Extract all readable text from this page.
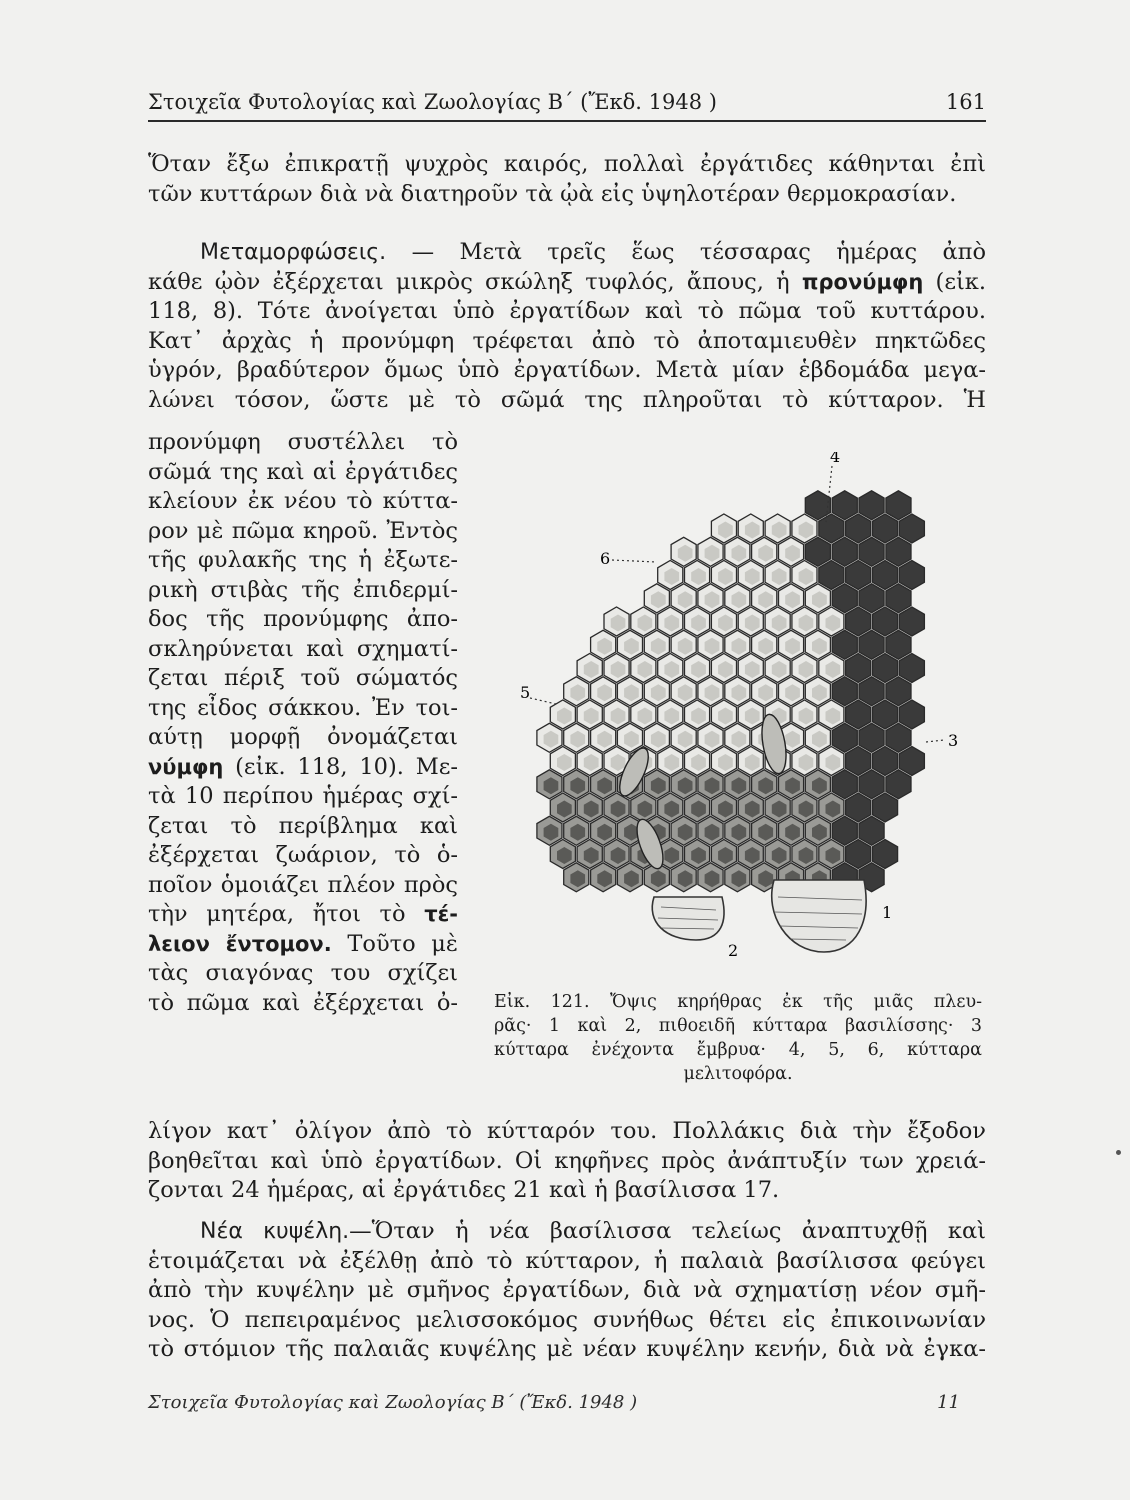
Στοιχεῖα Φυτολογίας καὶ Ζωολογίας Β΄ (Ἔκδ. 1948 )	161
Ὅταν ἔξω ἐπικρατῇ ψυχρὸς καιρός, πολλαὶ ἐργάτιδες κάθηνται ἐπὶ
τῶν κυττάρων διὰ νὰ διατηροῦν τὰ ᾠὰ εἰς ὑψηλοτέραν θερμοκρασίαν.
Μεταμορφώσεις. — Μετὰ τρεῖς ἕως τέσσαρας ἡμέρας ἀπὸ
κάθε ᾠὸν ἐξέρχεται μικρὸς σκώληξ τυφλός, ἄπους, ἡ προνύμφη (εἰκ.
118, 8). Τότε ἀνοίγεται ὑπὸ ἐργατίδων καὶ τὸ πῶμα τοῦ κυττάρου.
Κατ᾽ ἀρχὰς ἡ προνύμφη τρέφεται ἀπὸ τὸ ἀποταμιευθὲν πηκτῶδες
ὑγρόν, βραδύτερον ὅμως ὑπὸ ἐργατίδων. Μετὰ μίαν ἑβδομάδα μεγα-
λώνει τόσον, ὥστε μὲ τὸ σῶμά της πληροῦται τὸ κύτταρον. Ἡ
προνύμφη συστέλλει τὸ
σῶμά της καὶ αἱ ἐργάτιδες
κλείουν ἐκ νέου τὸ κύττα-
ρον μὲ πῶμα κηροῦ. Ἐντὸς
τῆς φυλακῆς της ἡ ἐξωτε-
ρικὴ στιβὰς τῆς ἐπιδερμί-
δος τῆς προνύμφης ἀπο-
σκληρύνεται καὶ σχηματί-
ζεται πέριξ τοῦ σώματός
της εἶδος σάκκου. Ἐν τοι-
αύτῃ μορφῇ ὀνομάζεται
νύμφη (εἰκ. 118, 10). Με-
τὰ 10 περίπου ἡμέρας σχί-
ζεται τὸ περίβλημα καὶ
ἐξέρχεται ζωάριον, τὸ ὁ-
ποῖον ὁμοιάζει πλέον πρὸς
τὴν μητέρα, ἤτοι τὸ τέ-
λειον ἔντομον. Τοῦτο μὲ
τὰς σιαγόνας του σχίζει
τὸ πῶμα καὶ ἐξέρχεται ὀ-
4
6
5
3
1
2
Εἰκ. 121. Ὄψις κηρήθρας ἐκ τῆς μιᾶς πλευ-
ρᾶς· 1 καὶ 2, πιθοειδῆ κύτταρα βασιλίσσης· 3
κύτταρα ἐνέχοντα ἔμβρυα· 4, 5, 6, κύτταρα
μελιτοφόρα.
λίγον κατ᾽ ὀλίγον ἀπὸ τὸ κύτταρόν του. Πολλάκις διὰ τὴν ἔξοδον
βοηθεῖται καὶ ὑπὸ ἐργατίδων. Οἱ κηφῆνες πρὸς ἀνάπτυξίν των χρειά-
ζονται 24 ἡμέρας, αἱ ἐργάτιδες 21 καὶ ἡ βασίλισσα 17.
Νέα κυψέλη.—Ὅταν ἡ νέα βασίλισσα τελείως ἀναπτυχθῇ καὶ
ἑτοιμάζεται νὰ ἐξέλθῃ ἀπὸ τὸ κύτταρον, ἡ παλαιὰ βασίλισσα φεύγει
ἀπὸ τὴν κυψέλην μὲ σμῆνος ἐργατίδων, διὰ νὰ σχηματίσῃ νέον σμῆ-
νος. Ὁ πεπειραμένος μελισσοκόμος συνήθως θέτει εἰς ἐπικοινωνίαν
τὸ στόμιον τῆς παλαιᾶς κυψέλης μὲ νέαν κυψέλην κενήν, διὰ νὰ ἐγκα-
Στοιχεῖα Φυτολογίας καὶ Ζωολογίας Β΄ (Ἔκδ. 1948 )	11
